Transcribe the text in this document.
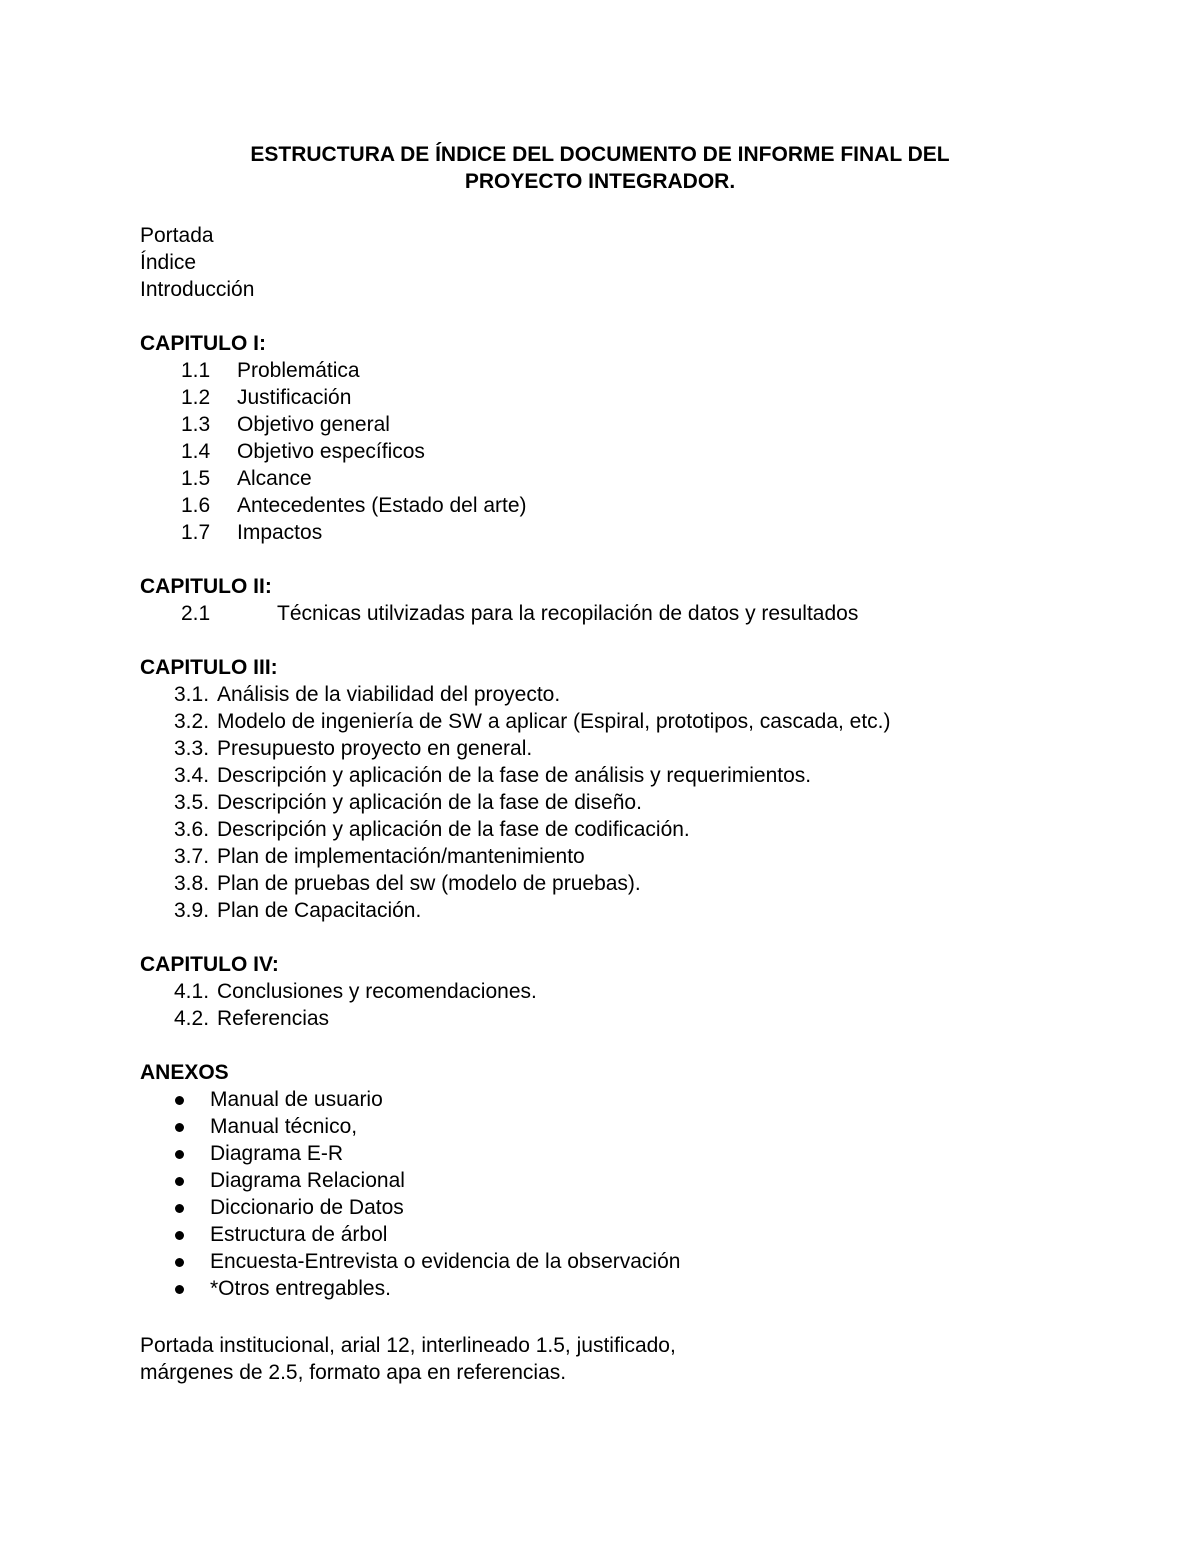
ESTRUCTURA DE ÍNDICE DEL DOCUMENTO DE INFORME FINAL DEL
PROYECTO INTEGRADOR.
Portada
Índice
Introducción
CAPITULO I:
1.1 Problemática
1.2 Justificación
1.3 Objetivo general
1.4 Objetivo específicos
1.5 Alcance
1.6 Antecedentes (Estado del arte)
1.7 Impactos
CAPITULO II:
2.1	Técnicas utilvizadas para la recopilación de datos y resultados
CAPITULO III:
3.1. Análisis de la viabilidad del proyecto.
3.2. Modelo de ingeniería de SW a aplicar (Espiral, prototipos, cascada, etc.)
3.3. Presupuesto proyecto en general.
3.4. Descripción y aplicación de la fase de análisis y requerimientos.
3.5. Descripción y aplicación de la fase de diseño.
3.6. Descripción y aplicación de la fase de codificación.
3.7. Plan de implementación/mantenimiento
3.8. Plan de pruebas del sw (modelo de pruebas).
3.9. Plan de Capacitación.
CAPITULO IV:
4.1. Conclusiones y recomendaciones.
4.2. Referencias
ANEXOS
Manual de usuario
Manual técnico,
Diagrama E-R
Diagrama Relacional
Diccionario de Datos
Estructura de árbol
Encuesta-Entrevista o evidencia de la observación
*Otros entregables.
Portada institucional, arial 12, interlineado 1.5, justificado,
márgenes de 2.5, formato apa en referencias.
